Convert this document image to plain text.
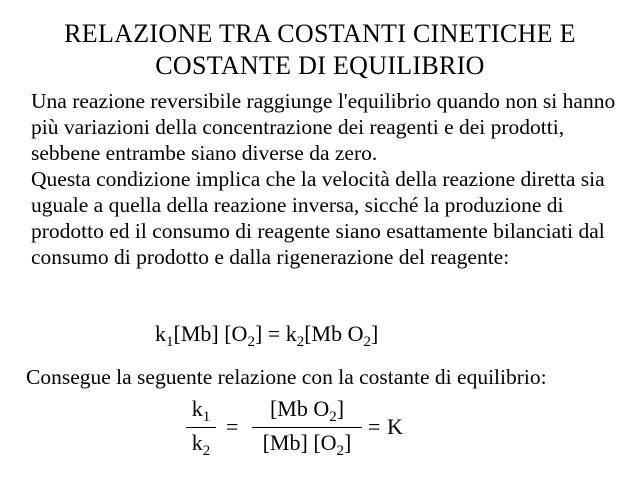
RELAZIONE TRA COSTANTI CINETICHE E
COSTANTE DI EQUILIBRIO

Una reazione reversibile raggiunge l'equilibrio quando non si hanno più variazioni della concentrazione dei reagenti e dei prodotti, sebbene entrambe siano diverse da zero.

Questa condizione implica che la velocità della reazione diretta sia uguale a quella della reazione inversa, sicché la produzione di prodotto ed il consumo di reagente siano esattamente bilanciati dal consumo di prodotto e dalla rigenerazione del reagente:

$k_1[Mb] [O_2] = k_2[Mb$ $O_2$]
Consegue la seguente relazione con la costante di equilibrio:
$k_1$
$k_2$
=
[Mb $O_2$]
[Mb] $[O_2]$
= K
